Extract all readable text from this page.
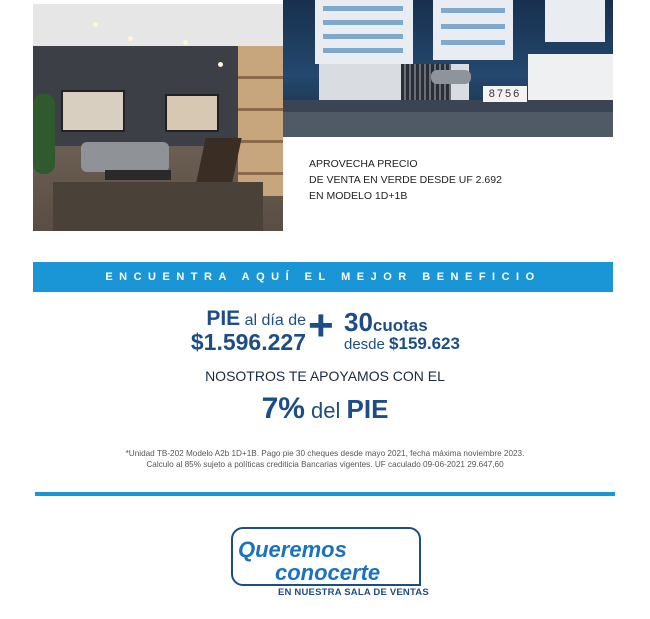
8756
APROVECHA PRECIO
DE VENTA EN VERDE DESDE UF 2.692
EN MODELO 1D+1B
ENCUENTRA AQUÍ EL MEJOR BENEFICIO
PIE al día de
$1.596.227 + 30cuotas
desde $159.623
NOSOTROS TE APOYAMOS CON EL
7% del PIE
*Unidad TB-202 Modelo A2b 1D+1B. Pago pie 30 cheques desde mayo 2021, fecha máxima noviembre 2023.
Calculo al 85% sujeto a políticas crediticia Bancarias vigentes. UF caculado 09-06-2021 29.647,60
Queremos
conocerte
EN NUESTRA SALA DE VENTAS
